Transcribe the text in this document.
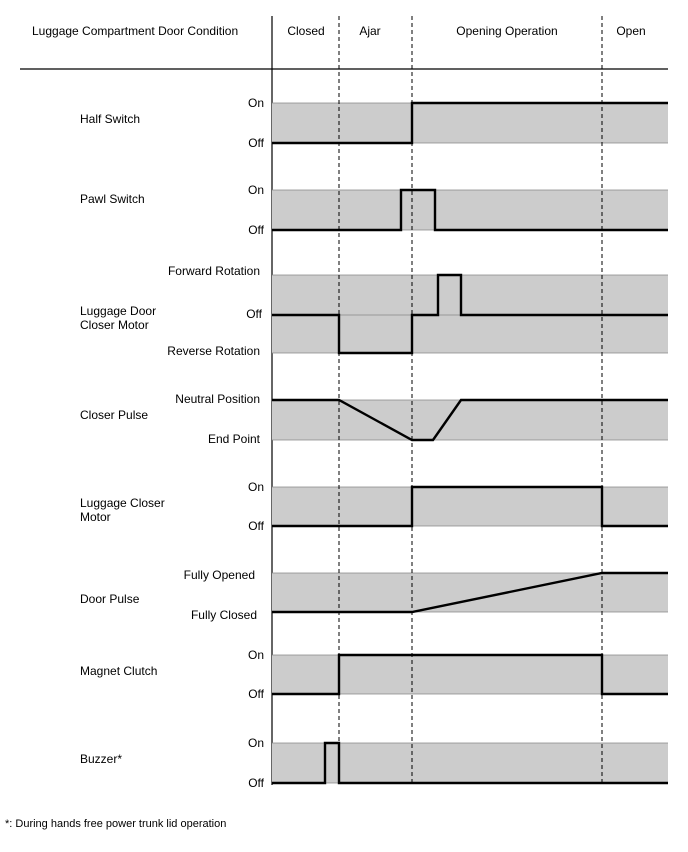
Luggage Compartment Door Condition	Closed	Ajar	Opening Operation	Open
Half Switch
Pawl Switch
Luggage Door
Closer Motor
Closer Pulse
Luggage Closer
Motor
Door Pulse
Magnet Clutch
Buzzer*
On
Off
On
Off
Forward Rotation
Off
Reverse Rotation
Neutral Position
End Point
On
Off
Fully Opened
Fully Closed
On
Off
On
Off
*: During hands free power trunk lid operation
